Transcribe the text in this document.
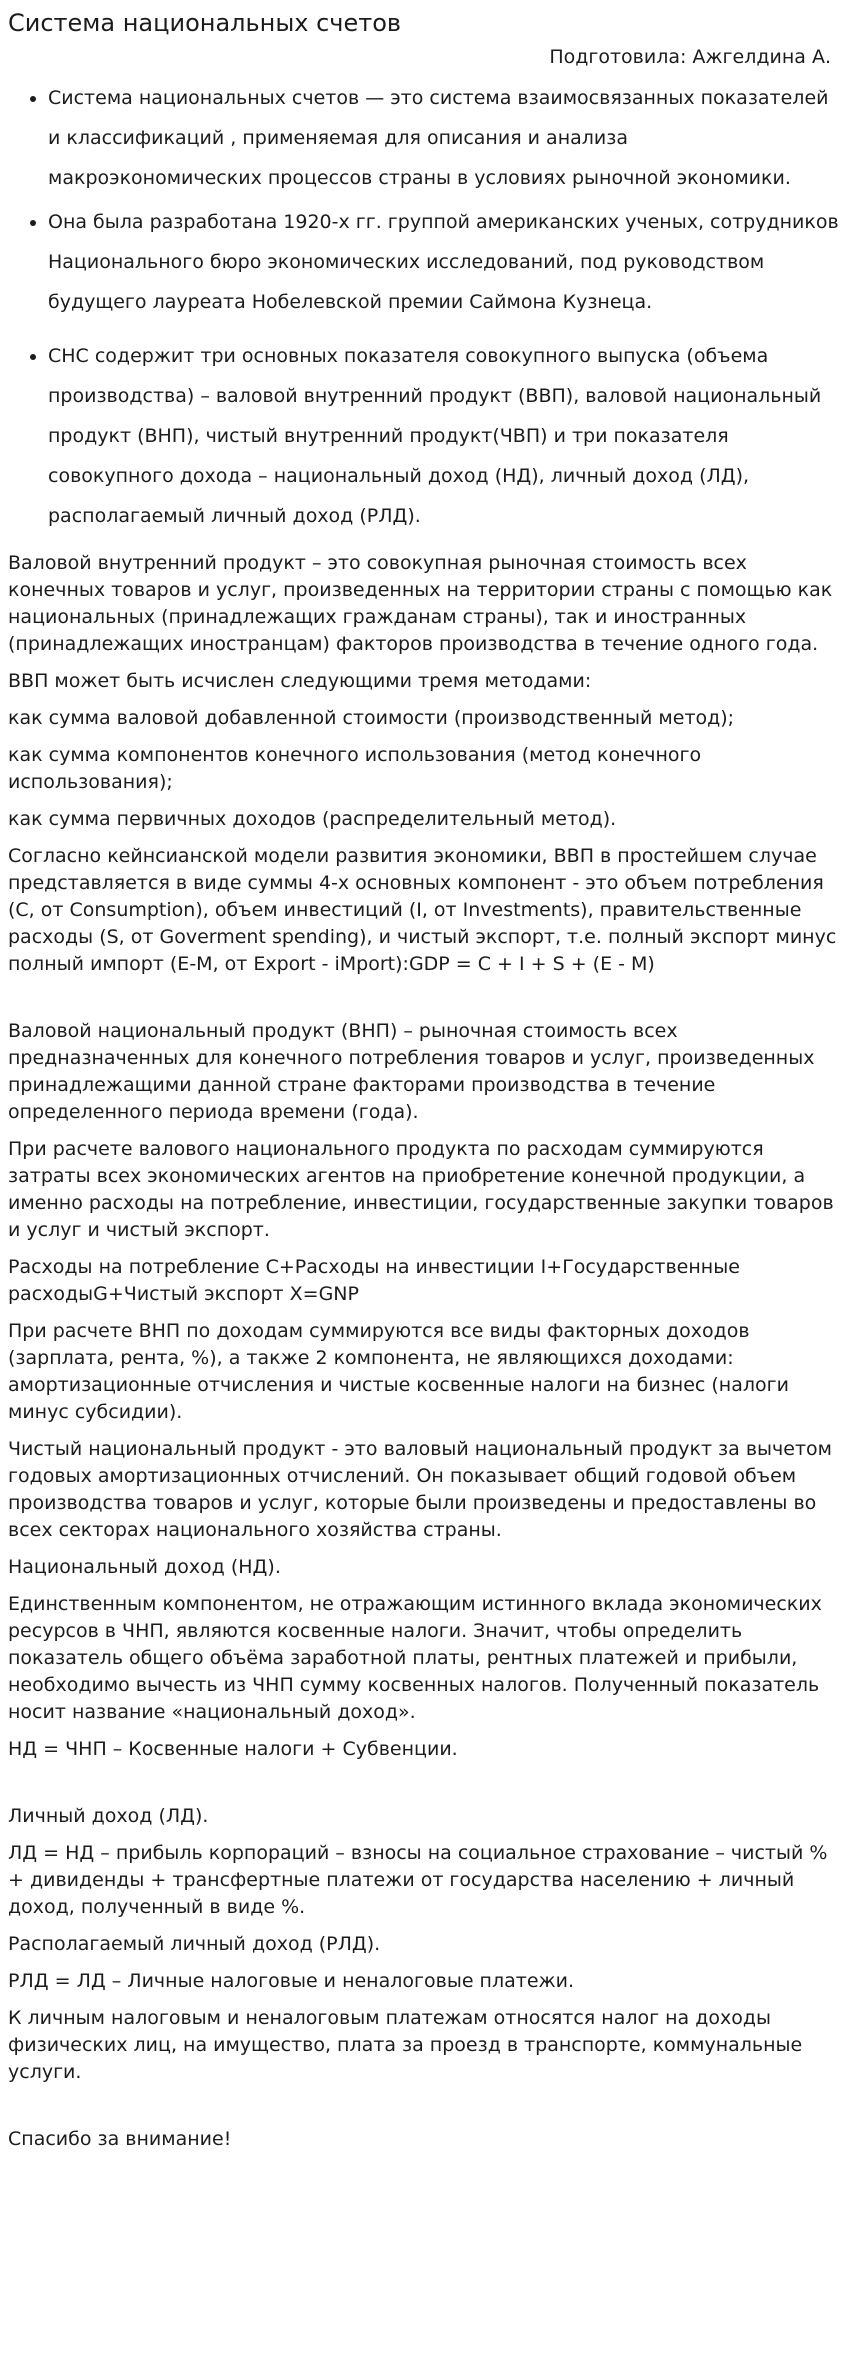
Система национальных счетов
Подготовила: Ажгелдина А.
• Система национальных счетов — это система взаимосвязанных показателей и классификаций , применяемая для описания и анализа макроэкономических процессов страны в условиях рыночной экономики.
• Она была разработана 1920-х гг. группой американских ученых, сотрудников Национального бюро экономических исследований, под руководством будущего лауреата Нобелевской премии Саймона Кузнеца.
• СНС содержит три основных показателя совокупного выпуска (объема производства) – валовой внутренний продукт (ВВП), валовой национальный продукт (ВНП), чистый внутренний продукт(ЧВП) и три показателя совокупного дохода – национальный доход (НД), личный доход (ЛД), располагаемый личный доход (РЛД).

Валовой внутренний продукт – это совокупная рыночная стоимость всех конечных товаров и услуг, произведенных на территории страны с помощью как национальных (принадлежащих гражданам страны), так и иностранных (принадлежащих иностранцам) факторов производства в течение одного года.

ВВП может быть исчислен следующими тремя методами:

как сумма валовой добавленной стоимости (производственный метод);

как сумма компонентов конечного использования (метод конечного использования);

как сумма первичных доходов (распределительный метод).

Согласно кейнсианской модели развития экономики, ВВП в простейшем случае представляется в виде суммы 4-х основных компонент - это объем потребления (C, от Consumption), объем инвестиций (I, от Investments), правительственные расходы (S, от Goverment spending), и чистый экспорт, т.е. полный экспорт минус полный импорт (E-M, от Export - iMport):GDP = C + I + S + (E - M)

Валовой национальный продукт (ВНП) – рыночная стоимость всех предназначенных для конечного потребления товаров и услуг, произведенных принадлежащими данной стране факторами производства в течение определенного периода времени (года).

При расчете валового национального продукта по расходам суммируются затраты всех экономических агентов на приобретение конечной продукции, а именно расходы на потребление, инвестиции, государственные закупки товаров и услуг и чистый экспорт.

Расходы на потребление С+Расходы на инвестиции I+Государственные расходыG+Чистый экспорт X=GNP

При расчете ВНП по доходам суммируются все виды факторных доходов (зарплата, рента, %), а также 2 компонента, не являющихся доходами: амортизационные отчисления и чистые косвенные налоги на бизнес (налоги минус субсидии).

Чистый национальный продукт - это валовый национальный продукт за вычетом годовых амортизационных отчислений. Он показывает общий годовой объем производства товаров и услуг, которые были произведены и предоставлены во всех секторах национального хозяйства страны.

Национальный доход (НД).

Единственным компонентом, не отражающим истинного вклада экономических ресурсов в ЧНП, являются косвенные налоги. Значит, чтобы определить показатель общего объёма заработной платы, рентных платежей и прибыли, необходимо вычесть из ЧНП сумму косвенных налогов. Полученный показатель носит название «национальный доход».

НД = ЧНП – Косвенные налоги + Субвенции.

Личный доход (ЛД).

ЛД = НД – прибыль корпораций – взносы на социальное страхование – чистый % + дивиденды + трансфертные платежи от государства населению + личный доход, полученный в виде %.

Располагаемый личный доход (РЛД).

РЛД = ЛД – Личные налоговые и неналоговые платежи.

К личным налоговым и неналоговым платежам относятся налог на доходы физических лиц, на имущество, плата за проезд в транспорте, коммунальные услуги.

Спасибо за внимание!
